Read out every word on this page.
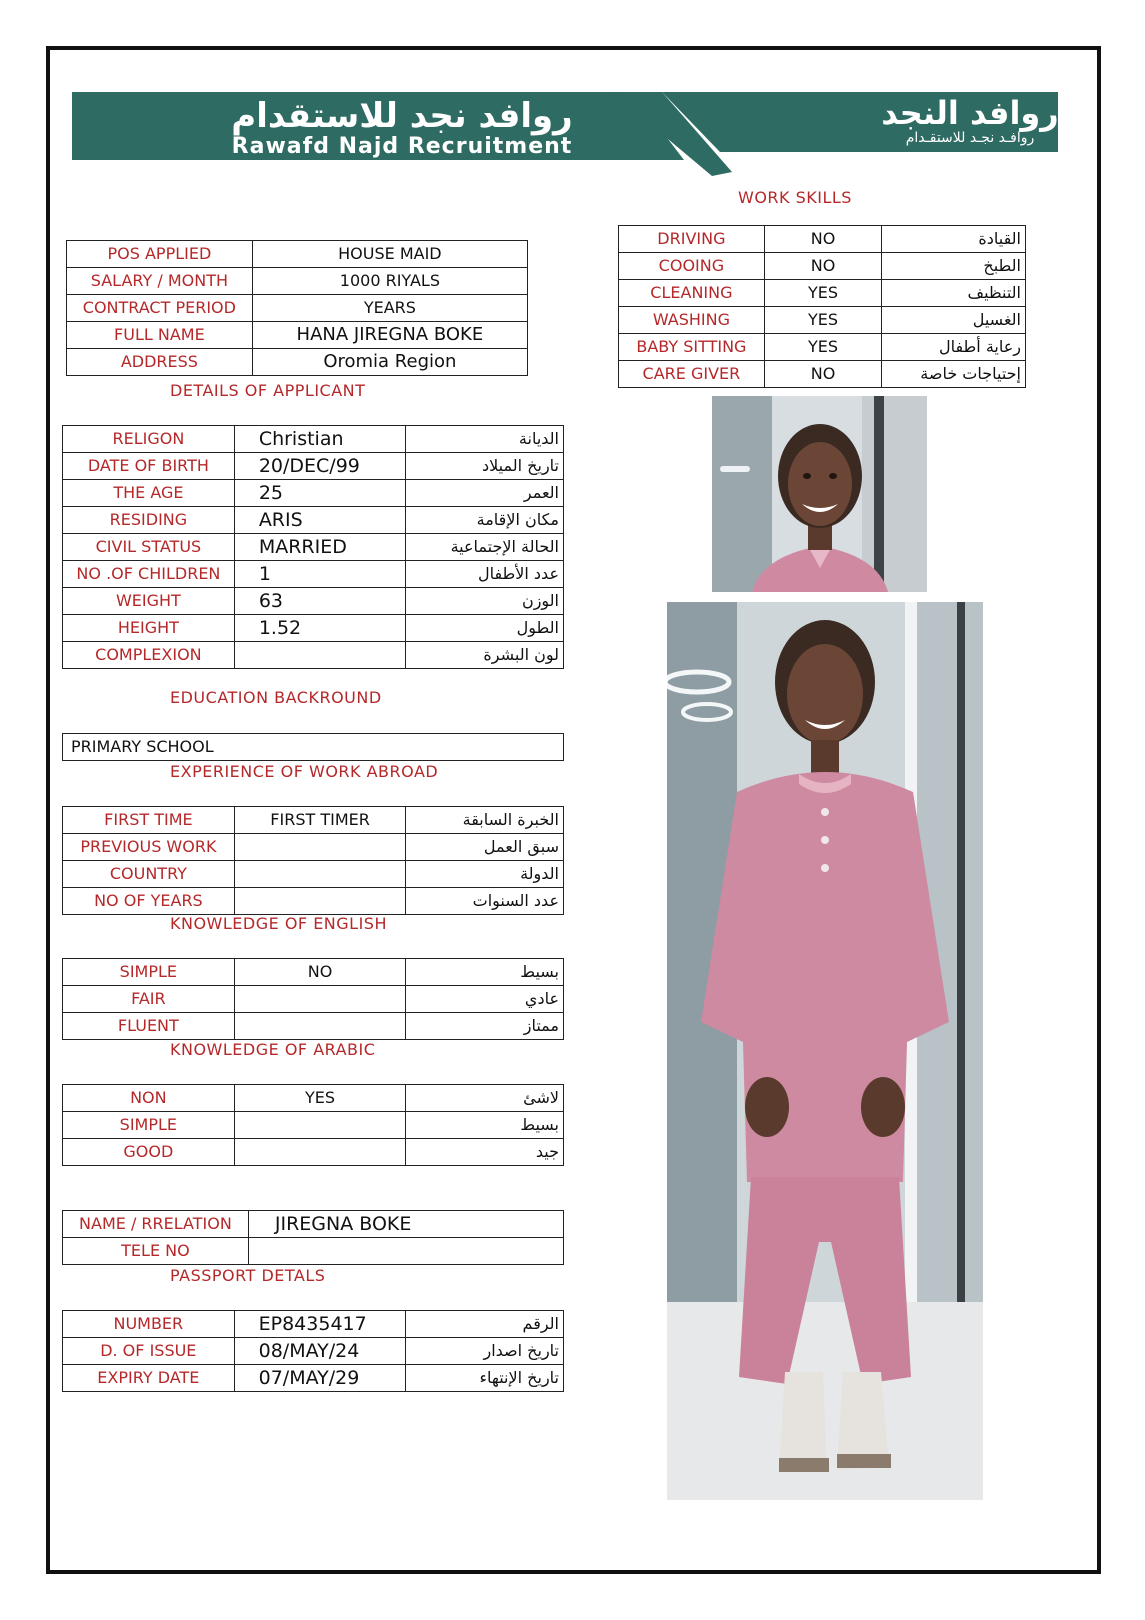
روافد نجد للاستقدام
Rawafd Najd Recruitment
روافد النجد
روافـد نجـد للاستقـدام
WORK SKILLS
DRIVING	NO	القيادة
COOING	NO	الطبخ
CLEANING	YES	التنظيف
WASHING	YES	الغسيل
BABY SITTING	YES	رعاية أطفال
CARE GIVER	NO	إحتياجات خاصة
POS APPLIED	HOUSE MAID
SALARY / MONTH	1000 RIYALS
CONTRACT PERIOD	YEARS
FULL NAME	HANA JIREGNA BOKE
ADDRESS	Oromia Region
DETAILS OF APPLICANT
RELIGON	Christian	الديانة
DATE OF BIRTH	20/DEC/99	تاريخ الميلاد
THE AGE	25	العمر
RESIDING	ARIS	مكان الإقامة
CIVIL STATUS	MARRIED	الحالة الإجتماعية
NO .OF CHILDREN	1	عدد الأطفال
WEIGHT	63	الوزن
HEIGHT	1.52	الطول
COMPLEXION		لون البشرة
EDUCATION BACKROUND
PRIMARY SCHOOL
EXPERIENCE OF WORK ABROAD
FIRST TIME	FIRST TIMER	الخبرة السابقة
PREVIOUS WORK		سبق العمل
COUNTRY		الدولة
NO OF YEARS		عدد السنوات
KNOWLEDGE OF ENGLISH
SIMPLE	NO	بسيط
FAIR		عادي
FLUENT		ممتاز
KNOWLEDGE OF ARABIC
NON	YES	لاشئ
SIMPLE		بسيط
GOOD		جيد
NAME / RRELATION	JIREGNA BOKE
TELE NO	
PASSPORT DETALS
NUMBER	EP8435417	الرقم
D. OF ISSUE	08/MAY/24	تاريخ اصدار
EXPIRY DATE	07/MAY/29	تاريخ الإنتهاء
